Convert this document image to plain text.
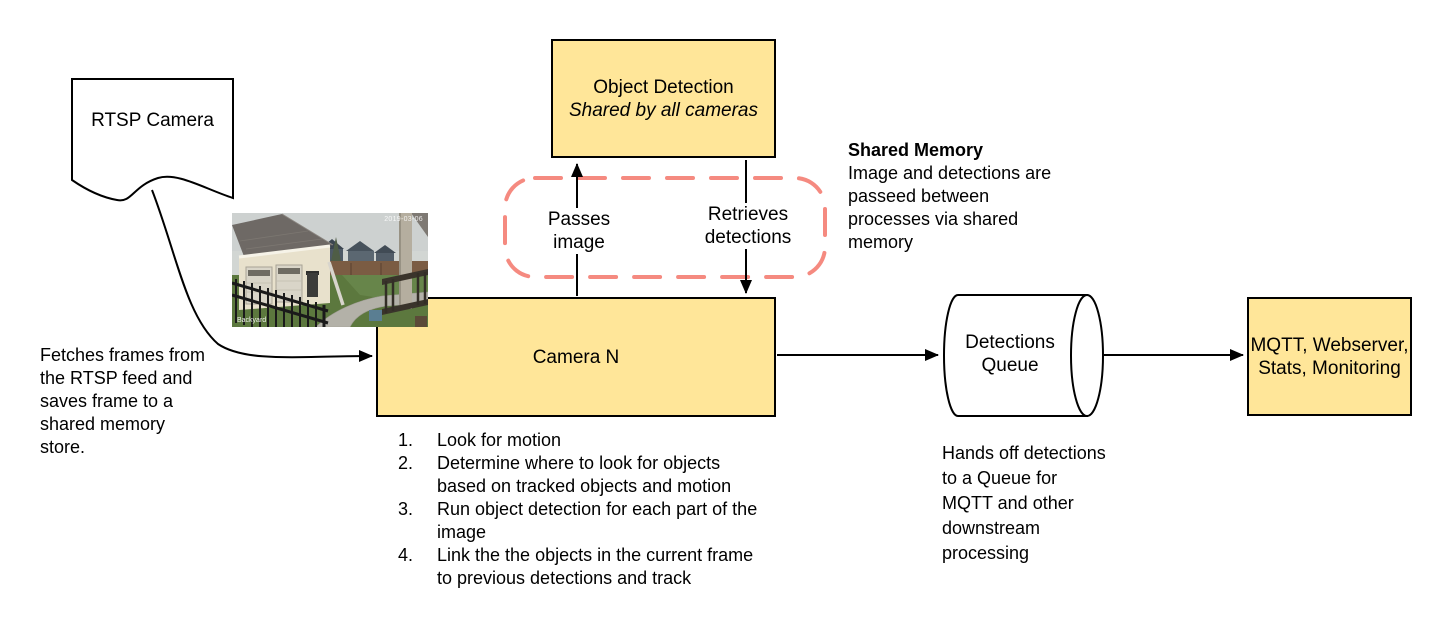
Object Detection
Shared by all cameras
Camera N
MQTT, Webserver,
Stats, Monitoring
RTSP Camera
Detections
Queue
2019-03-06
Backyard
Passes
image
Retrieves
detections
Fetches frames from
the RTSP feed and
saves frame to a
shared memory
store.
Shared Memory
Image and detections are
passeed between
processes via shared
memory
Hands off detections
to a Queue for
MQTT and other
downstream
processing
1.	Look for motion
2.	Determine where to look for objects
based on tracked objects and motion
3.	Run object detection for each part of the
image
4.	Link the the objects in the current frame
to previous detections and track
